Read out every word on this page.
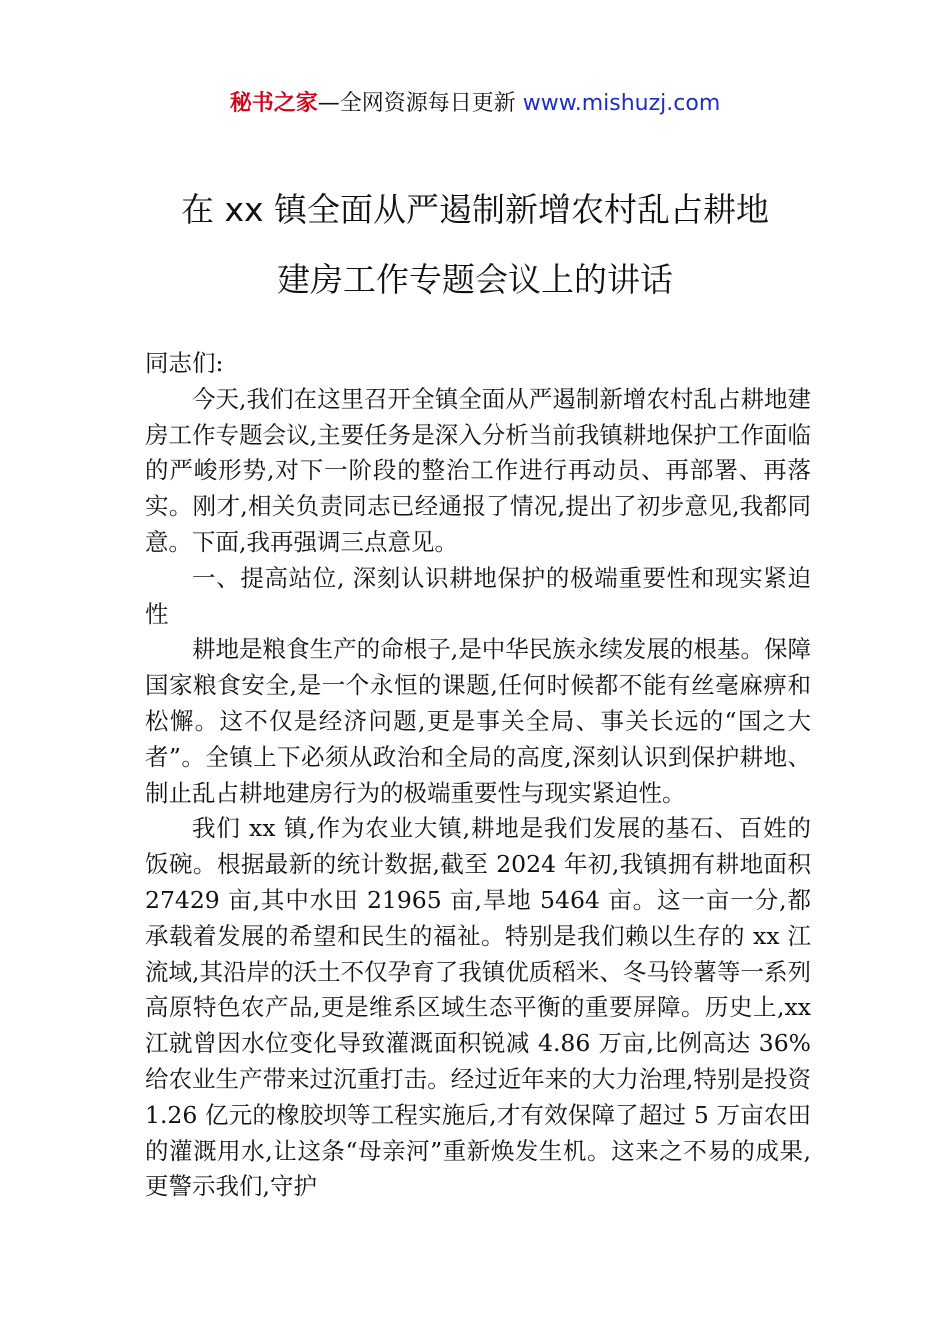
秘书之家—全网资源每日更新 www.mishuzj.com
在 xx 镇全面从严遏制新增农村乱占耕地
建房工作专题会议上的讲话

同志们:

今天,我们在这里召开全镇全面从严遏制新增农村乱占耕地建房工作专题会议,主要任务是深入分析当前我镇耕地保护工作面临的严峻形势,对下一阶段的整治工作进行再动员、再部署、再落实。刚才,相关负责同志已经通报了情况,提出了初步意见,我都同意。下面,我再强调三点意见。

一、提高站位, 深刻认识耕地保护的极端重要性和现实紧迫性

耕地是粮食生产的命根子,是中华民族永续发展的根基。保障国家粮食安全,是一个永恒的课题,任何时候都不能有丝毫麻痹和松懈。这不仅是经济问题,更是事关全局、事关长远的“国之大者”。全镇上下必须从政治和全局的高度,深刻认识到保护耕地、制止乱占耕地建房行为的极端重要性与现实紧迫性。

我们 xx 镇,作为农业大镇,耕地是我们发展的基石、百姓的饭碗。根据最新的统计数据,截至 2024 年初,我镇拥有耕地面积 27429 亩,其中水田 21965 亩,旱地 5464 亩。这一亩一分,都承载着发展的希望和民生的福祉。特别是我们赖以生存的 xx 江流域,其沿岸的沃土不仅孕育了我镇优质稻米、冬马铃薯等一系列高原特色农产品,更是维系区域生态平衡的重要屏障。历史上,xx 江就曾因水位变化导致灌溉面积锐减 4.86 万亩,比例高达 36%给农业生产带来过沉重打击。经过近年来的大力治理,特别是投资 1.26 亿元的橡胶坝等工程实施后,才有效保障了超过 5 万亩农田的灌溉用水,让这条“母亲河”重新焕发生机。这来之不易的成果,更警示我们,守护
